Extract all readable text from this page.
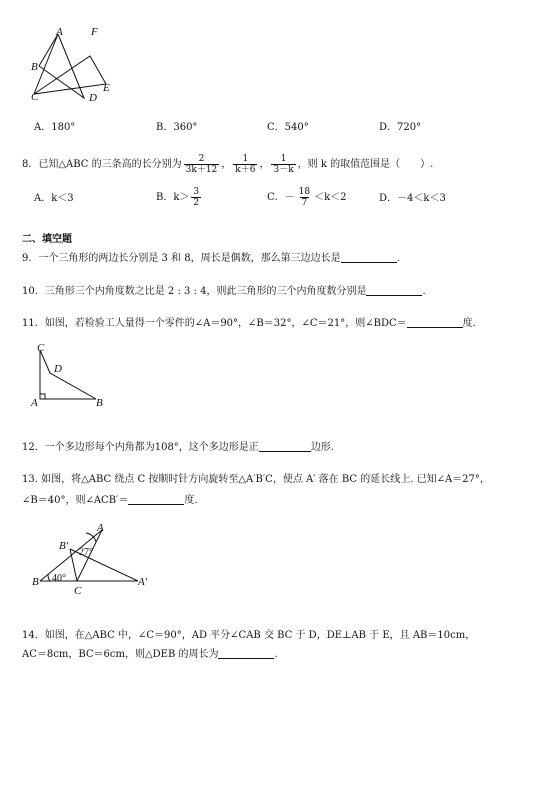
A	F
B
E
C	D
A．180°	B．360°	C．540°	D．720°
8．已知△ABC 的三条高的长分别为 $\frac{2}{3k+12}$ ， $\frac{1}{k+6}$ ， $\frac{1}{3-k}$ ，则 k 的取值范围是（　　）.
A．k＜3	B．$k> \frac{3}{2}$	C．－ $\frac{18}{7} <k<2$	D．－4＜k＜3
二、填空题
9．一个三角形的两边长分别是 3 和 8，周长是偶数，那么第三边边长是	.
10．三角形三个内角度数之比是 2 : 3 : 4，则此三角形的三个内角度数分别是	.
11．如图，若检验工人量得一个零件的∠A＝90°，∠B＝32°，∠C＝21°，则∠BDC＝	度.
C
D
A	B
12．一个多边形每个内角都为108°，这个多边形是正	边形.
13. 如图，将△ABC 绕点 C 按顺时针方向旋转至△A′B′C，使点 A′ 落在 BC 的延长线上. 已知∠A＝27°，
∠B＝40°，则∠ACB′＝	度.
A
B′
27°
B 40°
C
A′
14．如图，在△ABC 中，∠C＝90°，AD 平分∠CAB 交 BC 于 D，DE⊥AB 于 E，且 AB＝10cm，
AC＝8cm，BC＝6cm，则△DEB 的周长为	.
